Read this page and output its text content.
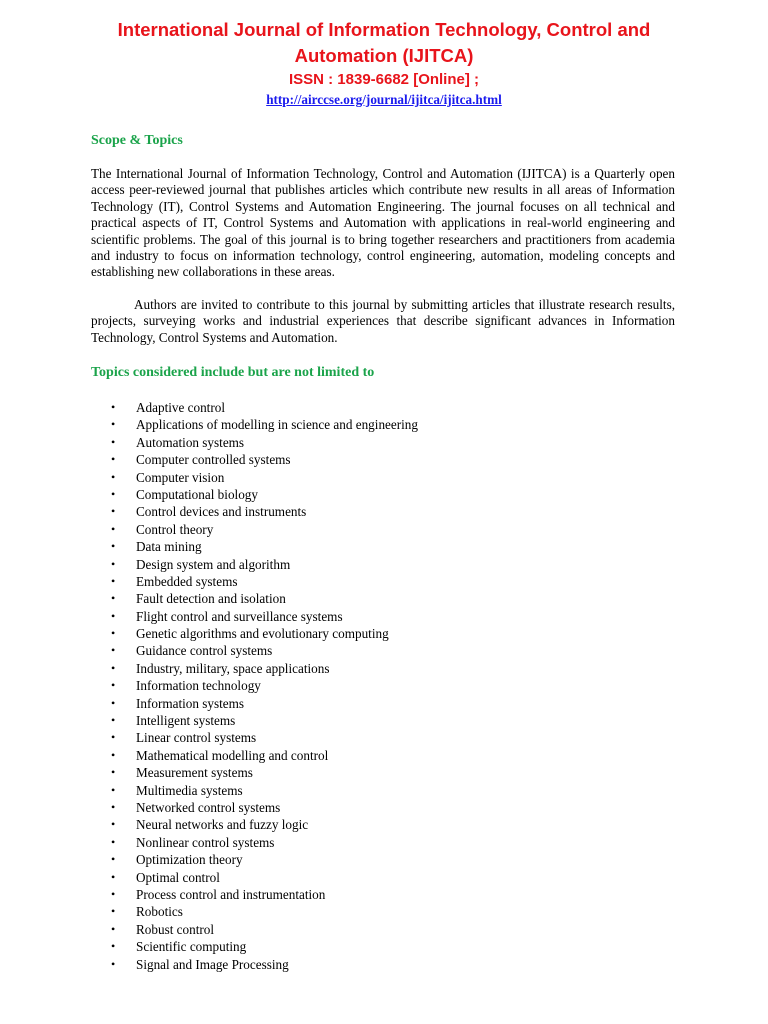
International Journal of Information Technology, Control and
Automation (IJITCA)
ISSN : 1839-6682 [Online] ;
http://airccse.org/journal/ijitca/ijitca.html
Scope & Topics

The International Journal of Information Technology, Control and Automation (IJITCA) is a Quarterly open access peer-reviewed journal that publishes articles which contribute new results in all areas of Information Technology (IT), Control Systems and Automation Engineering. The journal focuses on all technical and practical aspects of IT, Control Systems and Automation with applications in real-world engineering and scientific problems. The goal of this journal is to bring together researchers and practitioners from academia and industry to focus on information technology, control engineering, automation, modeling concepts and establishing new collaborations in these areas.

Authors are invited to contribute to this journal by submitting articles that illustrate research results, projects, surveying works and industrial experiences that describe significant advances in Information Technology, Control Systems and Automation.

Topics considered include but are not limited to
•	Adaptive control
•	Applications of modelling in science and engineering
•	Automation systems
•	Computer controlled systems
•	Computer vision
•	Computational biology
•	Control devices and instruments
•	Control theory
•	Data mining
•	Design system and algorithm
•	Embedded systems
•	Fault detection and isolation
•	Flight control and surveillance systems
•	Genetic algorithms and evolutionary computing
•	Guidance control systems
•	Industry, military, space applications
•	Information technology
•	Information systems
•	Intelligent systems
•	Linear control systems
•	Mathematical modelling and control
•	Measurement systems
•	Multimedia systems
•	Networked control systems
•	Neural networks and fuzzy logic
•	Nonlinear control systems
•	Optimization theory
•	Optimal control
•	Process control and instrumentation
•	Robotics
•	Robust control
•	Scientific computing
•	Signal and Image Processing
